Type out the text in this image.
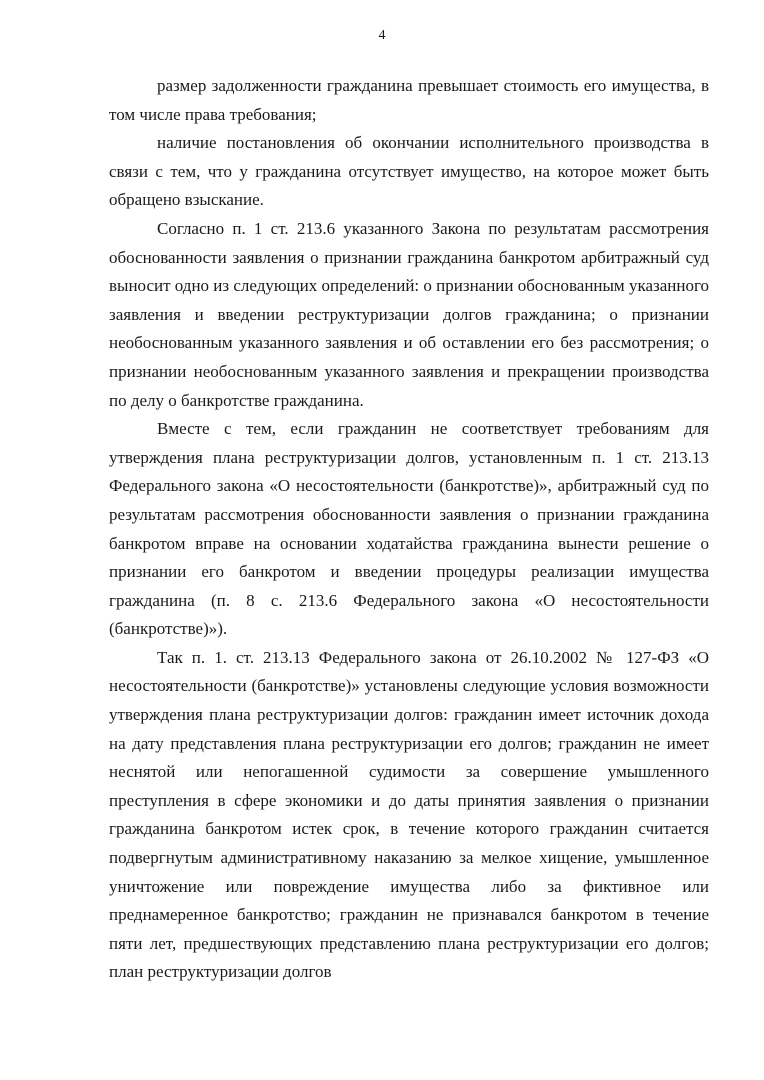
4

размер задолженности гражданина превышает стоимость его имущества, в том числе права требования;

наличие постановления об окончании исполнительного производства в связи с тем, что у гражданина отсутствует имущество, на которое может быть обращено взыскание.

Согласно п. 1 ст. 213.6 указанного Закона по результатам рассмотрения обоснованности заявления о признании гражданина банкротом арбитражный суд выносит одно из следующих определений: о признании обоснованным указанного заявления и введении реструктуризации долгов гражданина; о признании необоснованным указанного заявления и об оставлении его без рассмотрения; о признании необоснованным указанного заявления и прекращении производства по делу о банкротстве гражданина.

Вместе с тем, если гражданин не соответствует требованиям для утверждения плана реструктуризации долгов, установленным п. 1 ст. 213.13 Федерального закона «О несостоятельности (банкротстве)», арбитражный суд по результатам рассмотрения обоснованности заявления о признании гражданина банкротом вправе на основании ходатайства гражданина вынести решение о признании его банкротом и введении процедуры реализации имущества гражданина (п. 8 с. 213.6 Федерального закона «О несостоятельности (банкротстве)»).

Так п. 1. ст. 213.13 Федерального закона от 26.10.2002 № 127-ФЗ «О несостоятельности (банкротстве)» установлены следующие условия возможности утверждения плана реструктуризации долгов: гражданин имеет источник дохода на дату представления плана реструктуризации его долгов; гражданин не имеет неснятой или непогашенной судимости за совершение умышленного преступления в сфере экономики и до даты принятия заявления о признании гражданина банкротом истек срок, в течение которого гражданин считается подвергнутым административному наказанию за мелкое хищение, умышленное уничтожение или повреждение имущества либо за фиктивное или преднамеренное банкротство; гражданин не признавался банкротом в течение пяти лет, предшествующих представлению плана реструктуризации его долгов; план реструктуризации долгов
